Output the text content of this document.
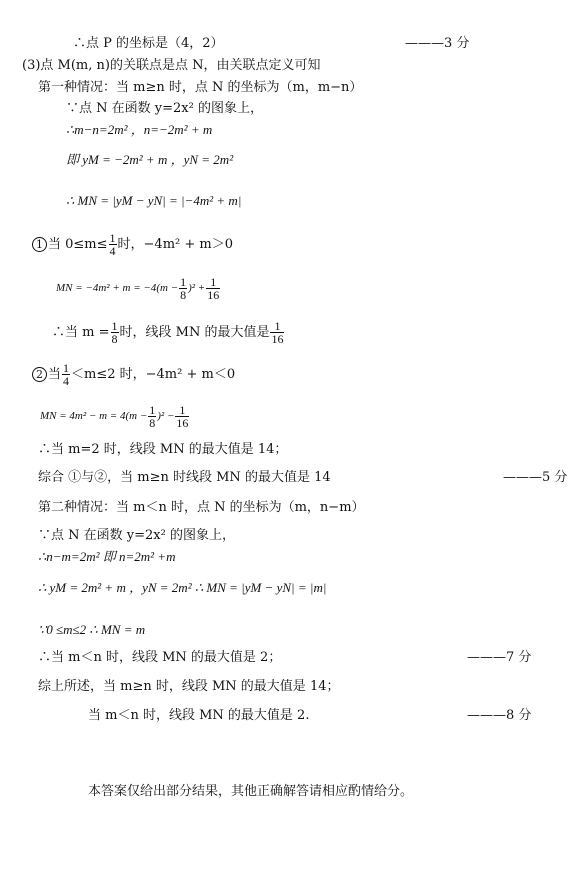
∴点 P 的坐标是（4，2）	———3 分
(3)点 M(m, n)的关联点是点 N，由关联点定义可知
第一种情况：当 m≥n 时，点 N 的坐标为（m，m−n）
∵点 N 在函数 y=2x² 的图象上，
∴m−n=2m² ，n=−2m² + m
即 yM = −2m² + m ，yN = 2m²
∴ MN = |yM − yN| = |−4m² + m|
1 当 $0\le m\le \frac{1}{4}$ 时，−4m² + m＞0
MN = $-4m^2 + m = -4(m - \frac{1}{8} )^2 + \frac{1}{16}$
∴当 $m = \frac{1}{8}$ 时，线段 MN 的最大值是 $\frac{1}{16}$
2 当 $\frac{1}{4} <m\le 2$ 时，−4m² + m＜0
MN = $4m^2 - m = 4(m - \frac{1}{8} )^2 - \frac{1}{16}$
∴当 m=2 时，线段 MN 的最大值是 14；
综合 ①与②，当 m≥n 时线段 MN 的最大值是 14	———5 分
第二种情况：当 m＜n 时，点 N 的坐标为（m，n−m）
∵点 N 在函数 y=2x² 的图象上，
∴n−m=2m² 即 n=2m² +m
∴ yM = 2m² + m ，yN = 2m² ∴ MN = |yM − yN| = |m|
∵0 ≤m≤2 ∴ MN = m
∴当 m＜n 时，线段 MN 的最大值是 2；	———7 分
综上所述，当 m≥n 时，线段 MN 的最大值是 14；
当 m＜n 时，线段 MN 的最大值是 2.	———8 分
本答案仅给出部分结果，其他正确解答请相应酌情给分。
